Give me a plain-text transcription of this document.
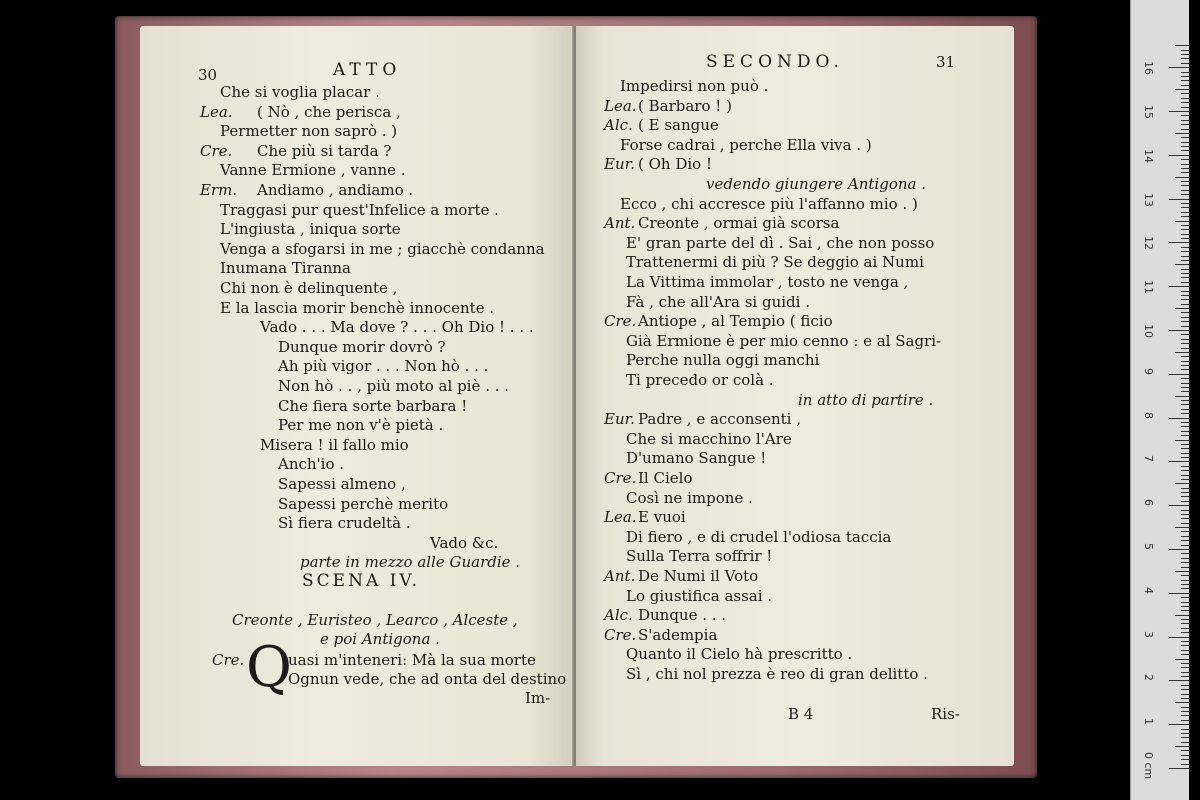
30	ATTO
Che si voglia placar .
Lea. ( Nò , che perisca ,
Permetter non saprò . )
Cre. Che più si tarda ?
Vanne Ermione , vanne .
Erm. Andiamo , andiamo .
Traggasi pur quest'Infelice a morte .
L'ingiusta , iniqua sorte
Venga a sfogarsi in me ; giacchè condanna
Inumana Tiranna
Chi non è delinquente ,
E la lascia morir benchè innocente .
Vado . . . Ma dove ? . . . Oh Dio ! . . .
Dunque morir dovrò ?
Ah più vigor . . . Non hò . . .
Non hò . . , più moto al piè . . .
Che fiera sorte barbara !
Per me non v'è pietà .
Misera ! il fallo mio
Anch'io .
Sapessi almeno ,
Sapessi perchè merito
Sì fiera crudeltà .
Vado &c.
parte in mezzo alle Guardie .
SCENA IV.
Creonte , Euristeo , Learco , Alceste ,
e poi Antigona .
Cre. Q
uasi m'inteneri: Mà la sua morte
Ognun vede, che ad onta del destino
Im-
SECONDO.	31
Impedirsi non può .
Lea. ( Barbaro ! )
Alc. ( E sangue
Forse cadrai , perche Ella viva . )
Eur. ( Oh Dio !
vedendo giungere Antigona .
Ecco , chi accresce più l'affanno mio . )
Ant. Creonte , ormai già scorsa
E' gran parte del dì . Sai , che non posso
Trattenermi di più ? Se deggio ai Numi
La Vittima immolar , tosto ne venga ,
Fà , che all'Ara si guidi .
Cre. Antiope , al Tempio ( ficio
Già Ermione è per mio cenno : e al Sagri-
Perche nulla oggi manchi
Ti precedo or colà .
in atto di partire .
Eur. Padre , e acconsenti ,
Che si macchino l'Are
D'umano Sangue !
Cre. Il Cielo
Così ne impone .
Lea. E vuoi
Di fiero , e di crudel l'odiosa taccia
Sulla Terra soffrir !
Ant. De Numi il Voto
Lo giustifica assai .
Alc. Dunque . . .
Cre. S'adempia
Quanto il Cielo hà prescritto .
Sì , chi nol prezza è reo di gran delitto .
B 4	Ris-
0 cm
1
2
3
4
5
6
7
8
9
10
11
12
13
14
15
16
